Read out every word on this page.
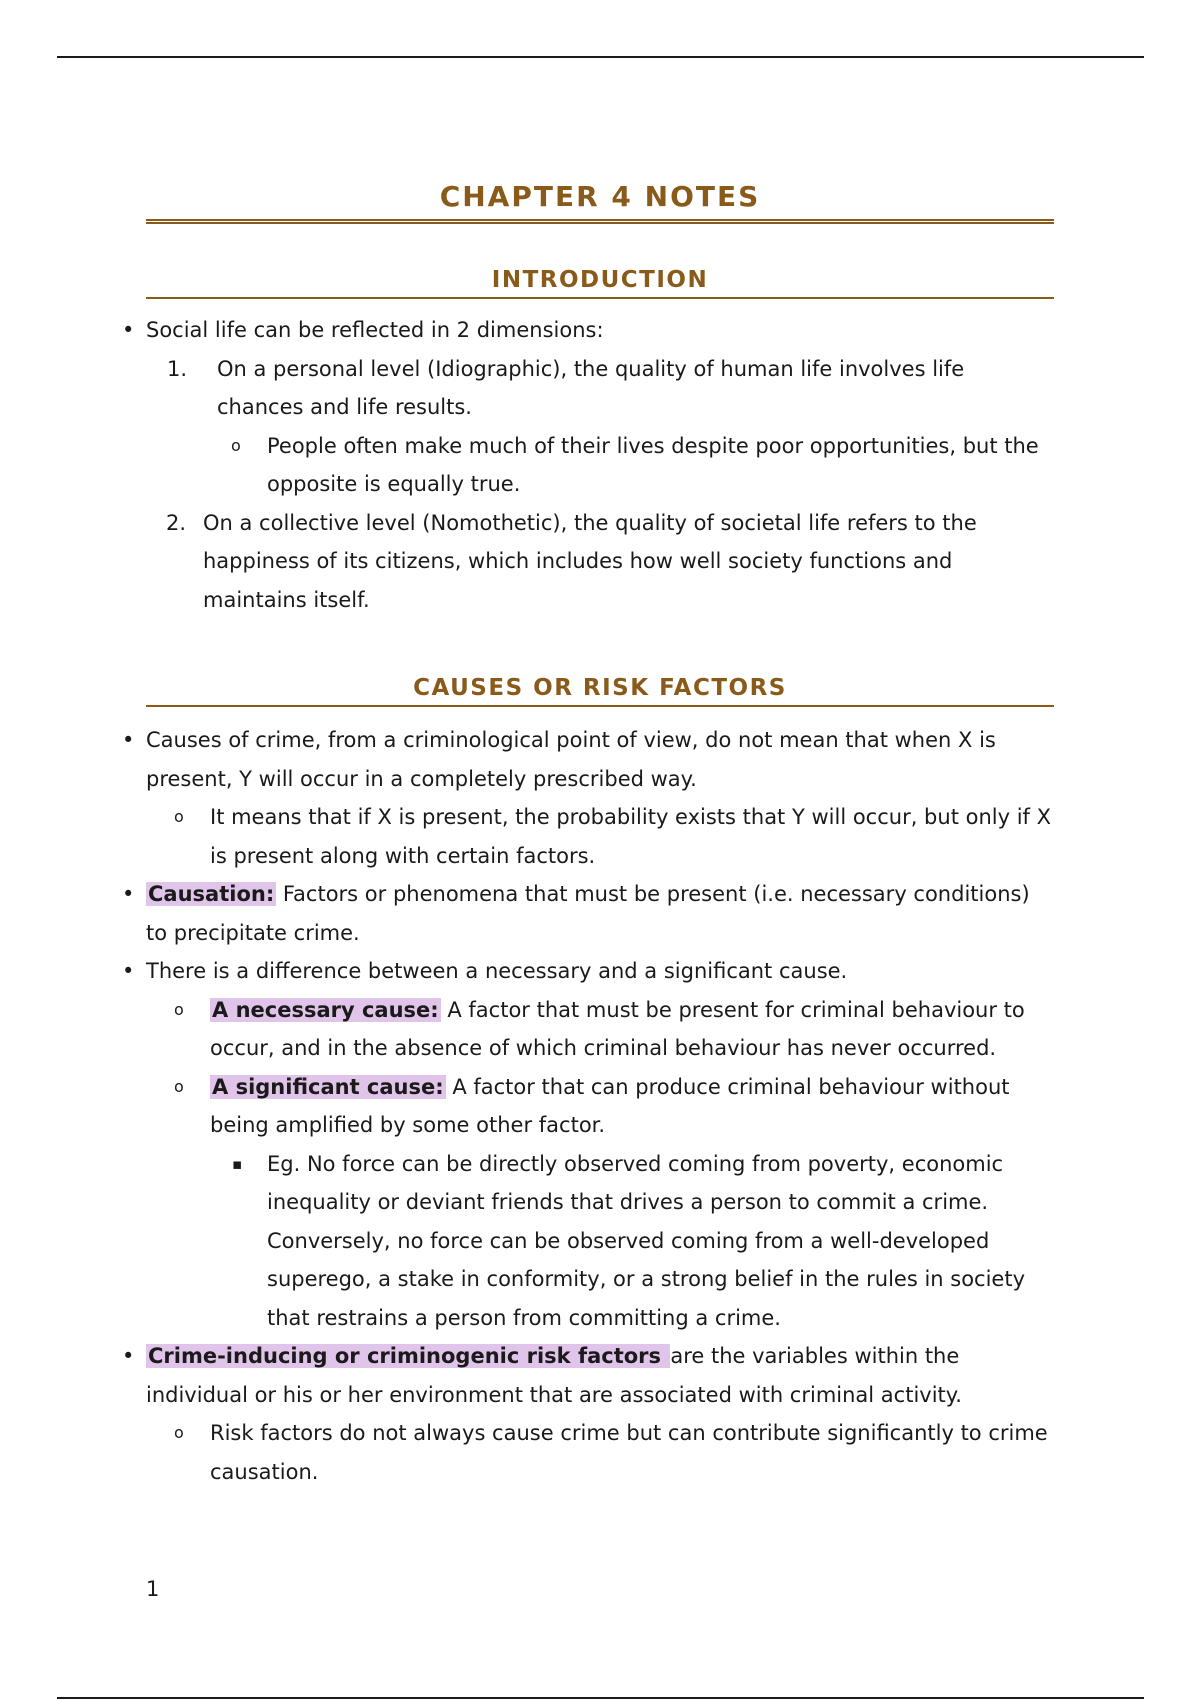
CHAPTER 4 NOTES
INTRODUCTION
• Social life can be reflected in 2 dimensions:
1. On a personal level (Idiographic), the quality of human life involves life chances and life results.
o People often make much of their lives despite poor opportunities, but the opposite is equally true.
2. On a collective level (Nomothetic), the quality of societal life refers to the happiness of its citizens, which includes how well society functions and maintains itself.
CAUSES OR RISK FACTORS
• Causes of crime, from a criminological point of view, do not mean that when X is present, Y will occur in a completely prescribed way.
o It means that if X is present, the probability exists that Y will occur, but only if X is present along with certain factors.
• Causation: Factors or phenomena that must be present (i.e. necessary conditions) to precipitate crime.
• There is a difference between a necessary and a significant cause.
o A necessary cause: A factor that must be present for criminal behaviour to occur, and in the absence of which criminal behaviour has never occurred.
o A significant cause: A factor that can produce criminal behaviour without being amplified by some other factor.
▪ Eg. No force can be directly observed coming from poverty, economic inequality or deviant friends that drives a person to commit a crime. Conversely, no force can be observed coming from a well-developed superego, a stake in conformity, or a strong belief in the rules in society that restrains a person from committing a crime.
• Crime-inducing or criminogenic risk factors are the variables within the individual or his or her environment that are associated with criminal activity.
o Risk factors do not always cause crime but can contribute significantly to crime causation.
1
